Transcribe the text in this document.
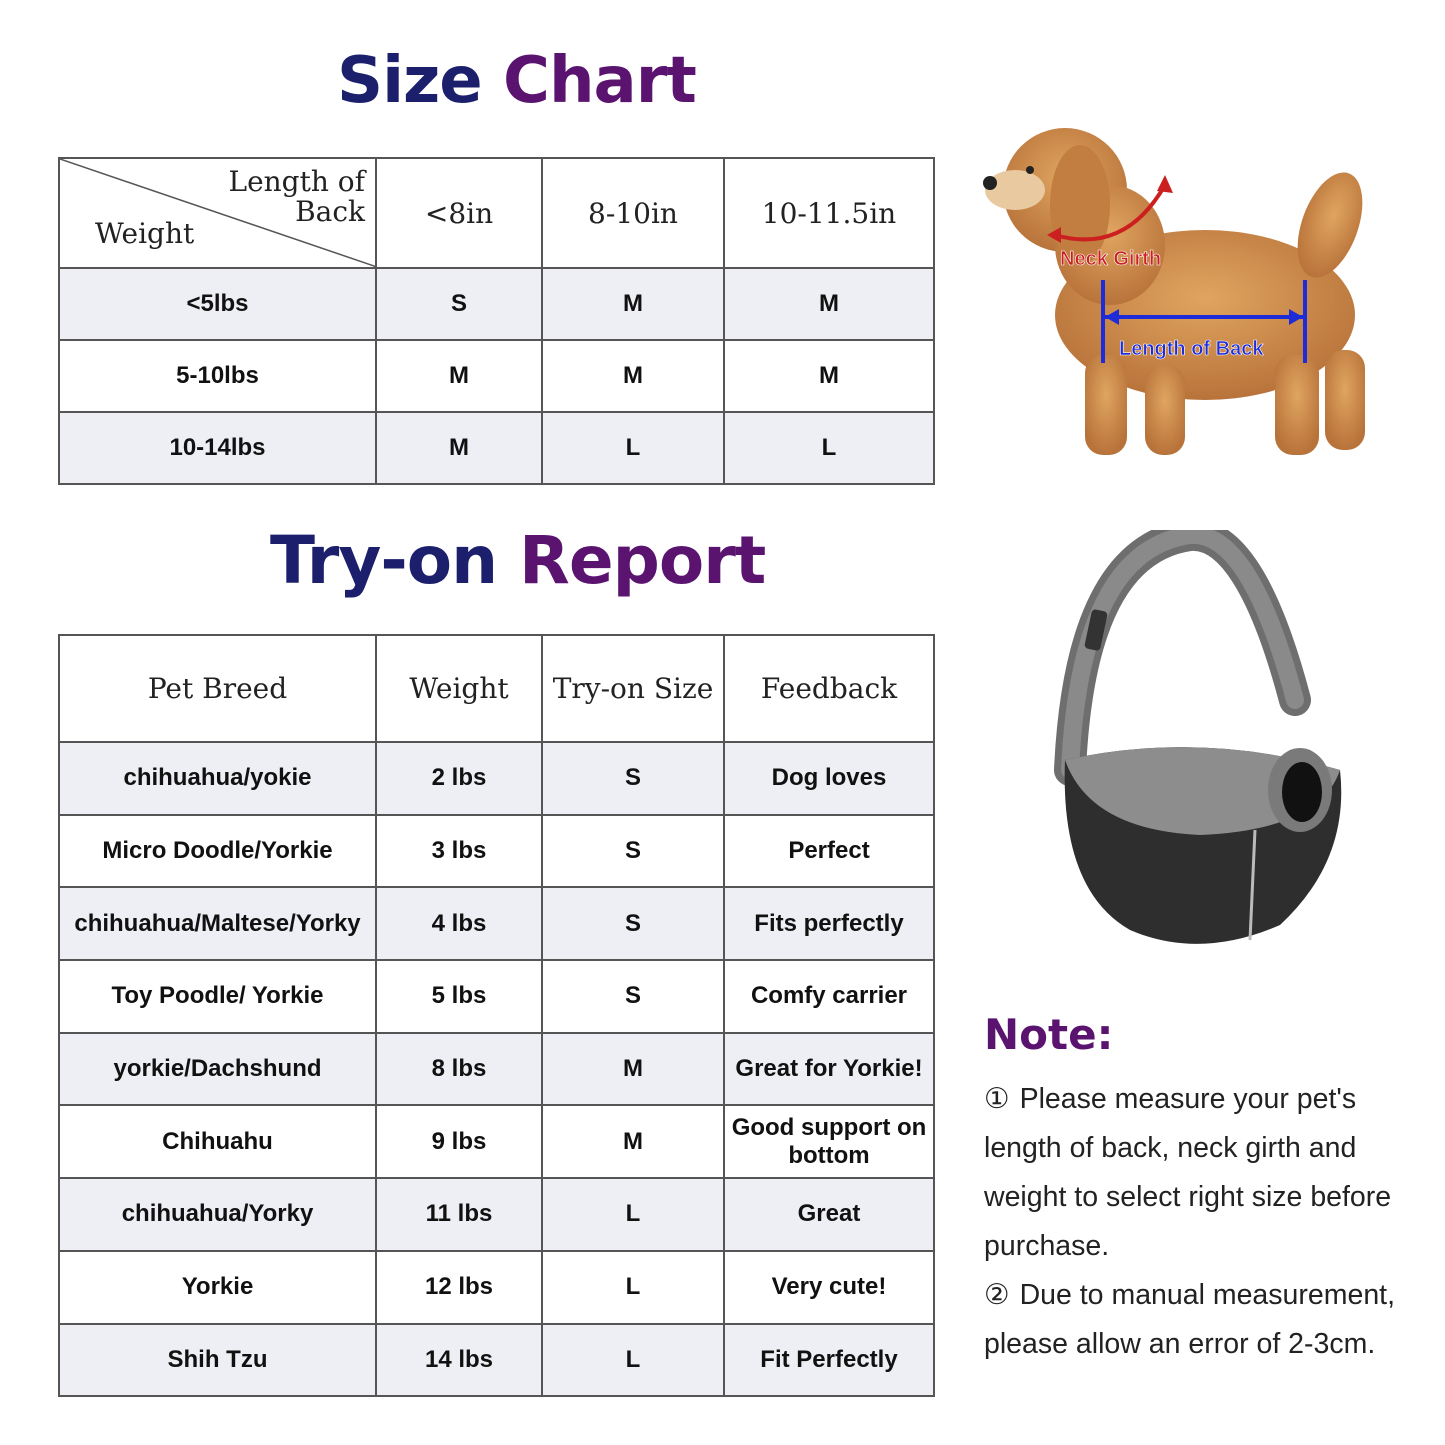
Size Chart
Length of
Back
Weight	<8in	8-10in	10-11.5in
<5lbs	S	M	M
5-10lbs	M	M	M
10-14lbs	M	L	L
Neck Girth
Length of Back
Try-on Report
Pet Breed	Weight	Try-on Size	Feedback
chihuahua/yokie	2 lbs	S	Dog loves
Micro Doodle/Yorkie	3 lbs	S	Perfect
chihuahua/Maltese/Yorky	4 lbs	S	Fits perfectly
Toy Poodle/ Yorkie	5 lbs	S	Comfy carrier
yorkie/Dachshund	8 lbs	M	Great for Yorkie!
Chihuahu	9 lbs	M	Good support on bottom
chihuahua/Yorky	11 lbs	L	Great
Yorkie	12 lbs	L	Very cute!
Shih Tzu	14 lbs	L	Fit Perfectly
Note:
① Please measure your pet's length of back, neck girth and weight to select right size before purchase.
② Due to manual measurement, please allow an error of 2-3cm.
